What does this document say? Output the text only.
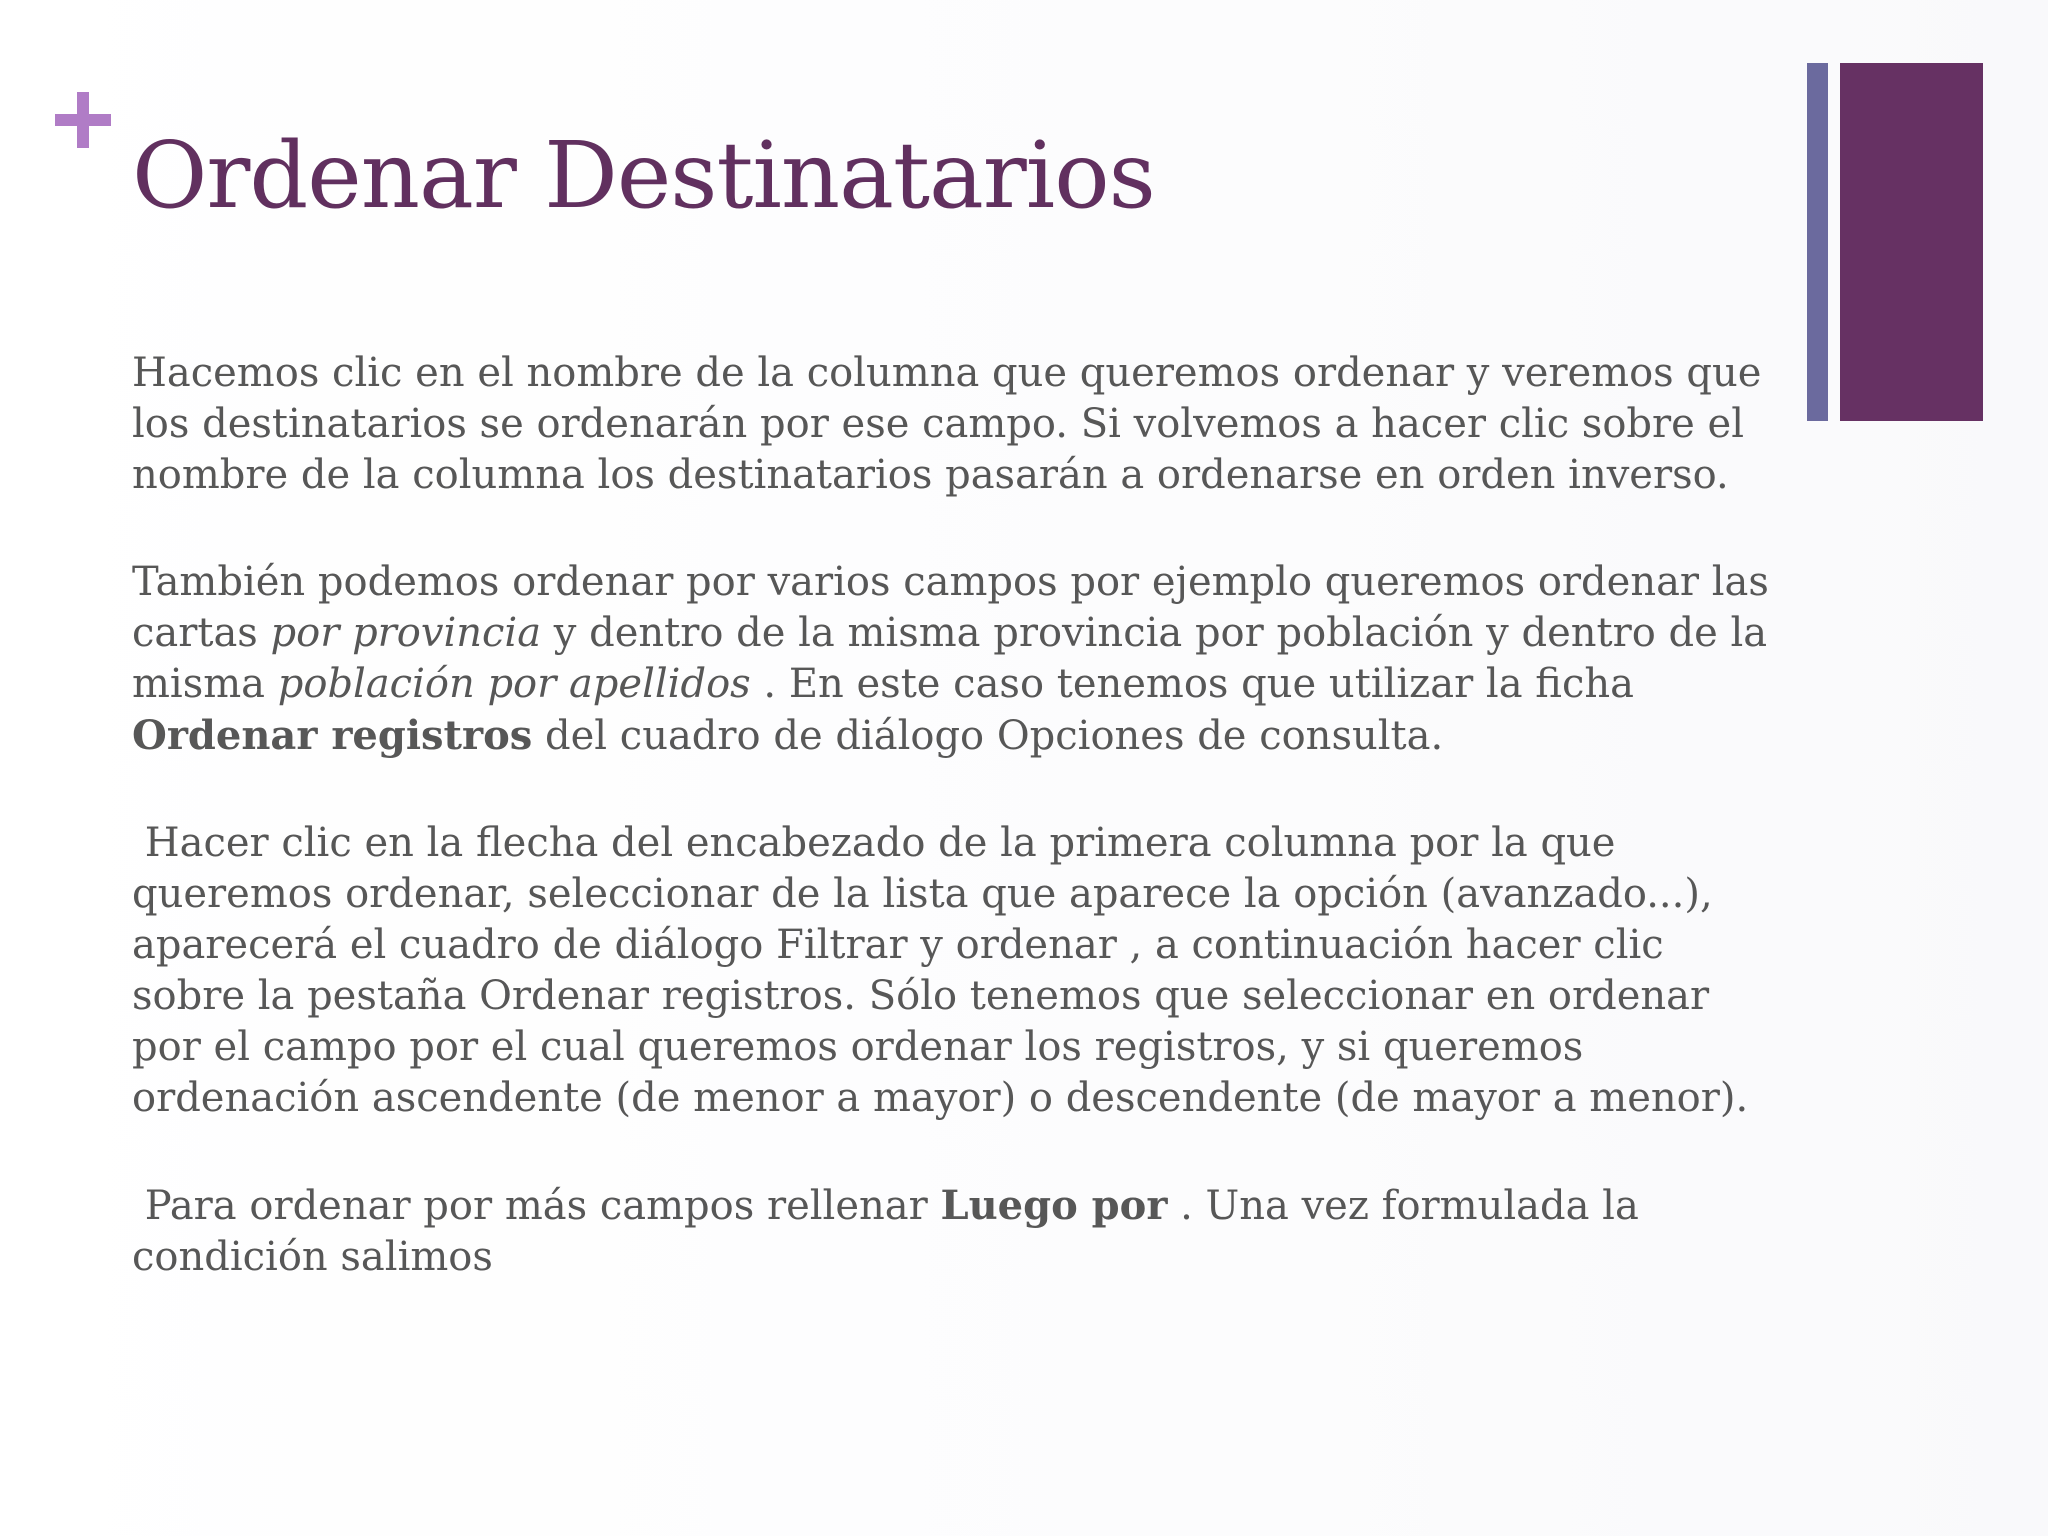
Ordenar Destinatarios

Hacemos clic en el nombre de la columna que queremos ordenar y veremos que los destinatarios se ordenarán por ese campo. Si volvemos a hacer clic sobre el nombre de la columna los destinatarios pasarán a ordenarse en orden inverso.

También podemos ordenar por varios campos por ejemplo queremos ordenar las cartas por provincia y dentro de la misma provincia por población y dentro de la misma población por apellidos . En este caso tenemos que utilizar la ficha Ordenar registros del cuadro de diálogo Opciones de consulta.

Hacer clic en la flecha del encabezado de la primera columna por la que queremos ordenar, seleccionar de la lista que aparece la opción (avanzado...), aparecerá el cuadro de diálogo Filtrar y ordenar , a continuación hacer clic sobre la pestaña Ordenar registros. Sólo tenemos que seleccionar en ordenar por el campo por el cual queremos ordenar los registros, y si queremos ordenación ascendente (de menor a mayor) o descendente (de mayor a menor).

Para ordenar por más campos rellenar Luego por . Una vez formulada la condición salimos
